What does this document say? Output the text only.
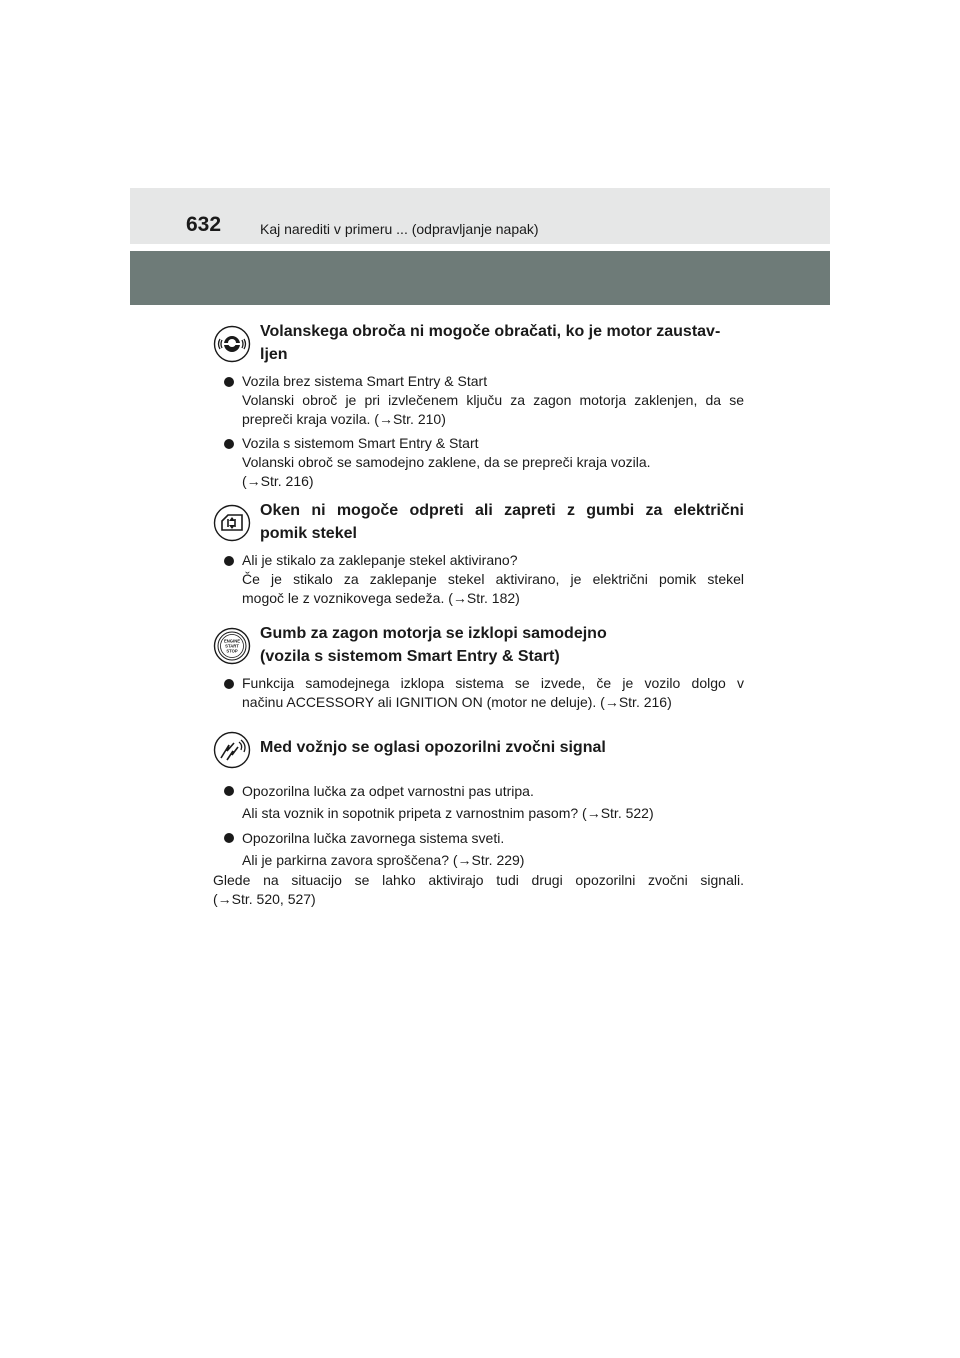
632	Kaj narediti v primeru ... (odpravljanje napak)
Volanskega obroča ni mogoče obračati, ko je motor zaustav-
ljen
Vozila brez sistema Smart Entry & Start
Volanski obroč je pri izvlečenem ključu za zagon motorja zaklenjen, da se
prepreči kraja vozila. (→Str. 210)
Vozila s sistemom Smart Entry & Start
Volanski obroč se samodejno zaklene, da se prepreči kraja vozila.
(→Str. 216)
Oken ni mogoče odpreti ali zapreti z gumbi za električni
pomik stekel
Ali je stikalo za zaklepanje stekel aktivirano?
Če je stikalo za zaklepanje stekel aktivirano, je električni pomik stekel
mogoč le z voznikovega sedeža. (→Str. 182)
ENGINE
START
STOP
Gumb za zagon motorja se izklopi samodejno
(vozila s sistemom Smart Entry & Start)
Funkcija samodejnega izklopa sistema se izvede, če je vozilo dolgo v
načinu ACCESSORY ali IGNITION ON (motor ne deluje). (→Str. 216)
Med vožnjo se oglasi opozorilni zvočni signal
Opozorilna lučka za odpet varnostni pas utripa.
Ali sta voznik in sopotnik pripeta z varnostnim pasom? (→Str. 522)
Opozorilna lučka zavornega sistema sveti.
Ali je parkirna zavora sproščena? (→Str. 229)
Glede na situacijo se lahko aktivirajo tudi drugi opozorilni zvočni signali.
(→Str. 520, 527)
